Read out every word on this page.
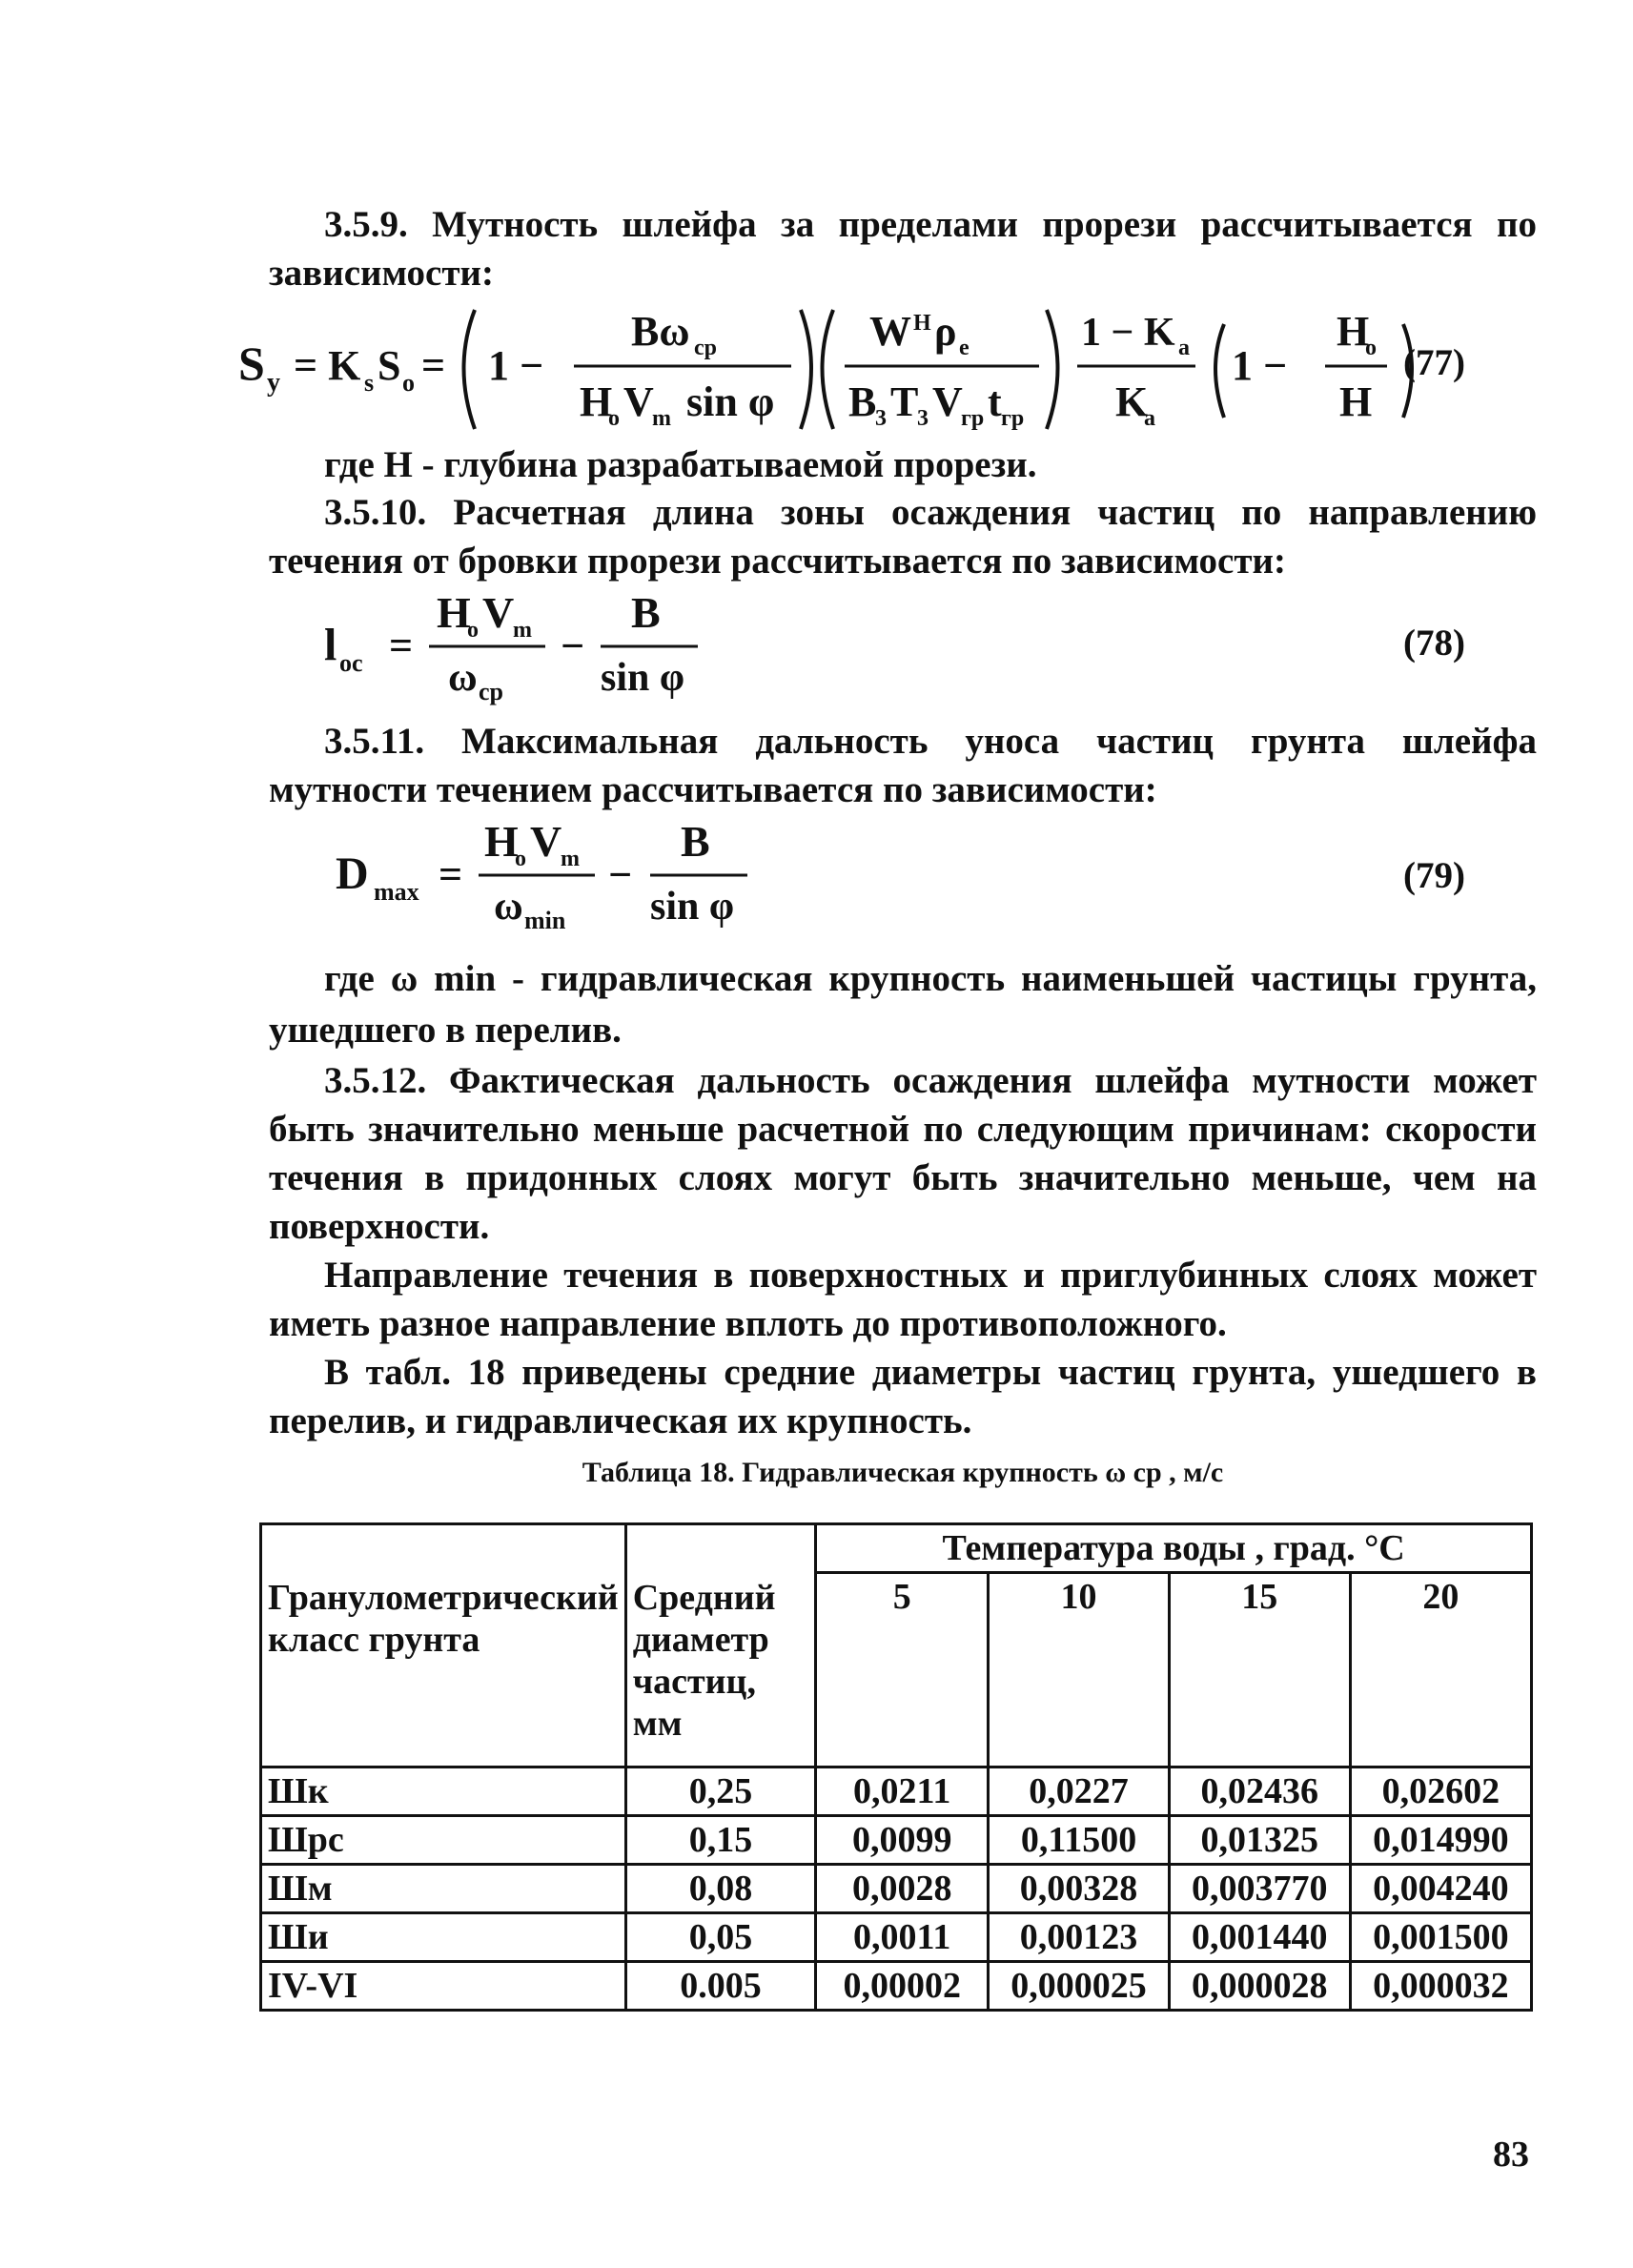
3.5.9. Мутность шлейфа за пределами прорези рассчитывается по зависимости:
S y = K s S o = 1 −
Bω ср
H
o V
m sin φ
W H ρ e
B
3 T
3 V
гр t гр
1 − K a
K
a
1 −
H
o
H
(77)
где Н - глубина разрабатываемой прорези.
3.5.10. Расчетная длина зоны осаждения частиц по направлению течения от бровки прорези рассчитывается по зависимости:
l ос =
H
o V
m
ω ср
−
B
sin φ
(78)
3.5.11. Максимальная дальность уноса частиц грунта шлейфа мутности течением рассчитывается по зависимости:
D max =
H
o V
m
ω min
−
B
sin φ
(79)
где ω min - гидравлическая крупность наименьшей частицы грунта, ушедшего в перелив.
3.5.12. Фактическая дальность осаждения шлейфа мутности может быть значительно меньше расчетной по следующим причинам: скорости течения в придонных слоях могут быть значительно меньше, чем на поверхности.
Направление течения в поверхностных и приглубинных слоях может иметь разное направление вплоть до противоположного.
В табл. 18 приведены средние диаметры частиц грунта, ушедшего в перелив, и гидравлическая их крупность.
Таблица 18. Гидравлическая крупность ω ср , м/с
Гранулометрический класс грунта	Средний диаметр частиц, мм	Температура воды , град. °С			
		5	10	15	20
Шк	0,25	0,0211	0,0227	0,02436	0,02602
Шрс	0,15	0,0099	0,11500	0,01325	0,014990
Шм	0,08	0,0028	0,00328	0,003770	0,004240
Ши	0,05	0,0011	0,00123	0,001440	0,001500
IV-VI	0.005	0,00002	0,000025	0,000028	0,000032
83
